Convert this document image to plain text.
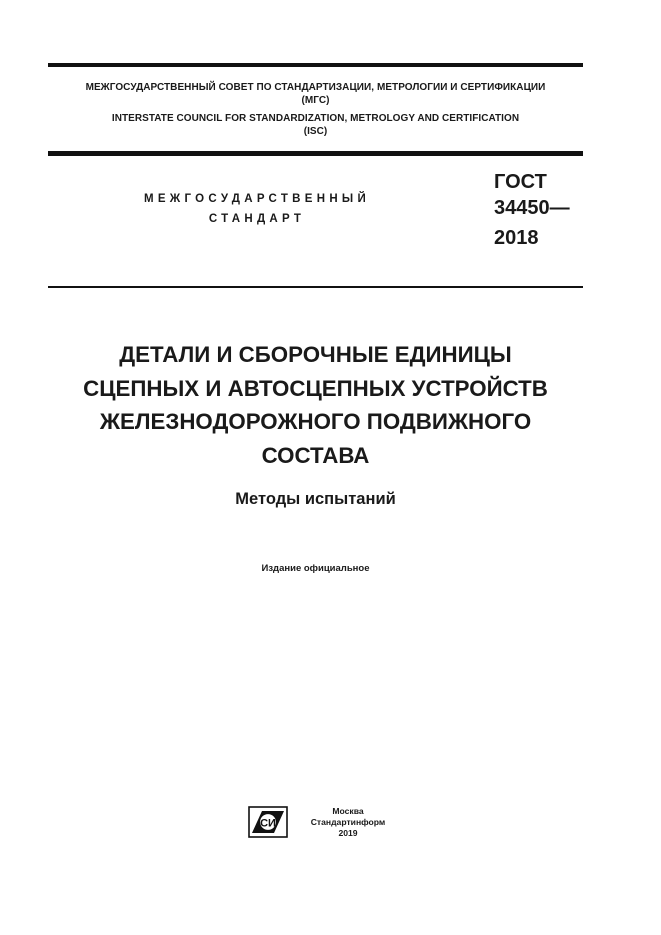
МЕЖГОСУДАРСТВЕННЫЙ СОВЕТ ПО СТАНДАРТИЗАЦИИ, МЕТРОЛОГИИ И СЕРТИФИКАЦИИ
(МГС)
INTERSTATE COUNCIL FOR STANDARDIZATION, METROLOGY AND CERTIFICATION
(ISC)
МЕЖГОСУДАРСТВЕННЫЙ
СТАНДАРТ
ГОСТ
34450—
2018
ДЕТАЛИ И СБОРОЧНЫЕ ЕДИНИЦЫ
СЦЕПНЫХ И АВТОСЦЕПНЫХ УСТРОЙСТВ
ЖЕЛЕЗНОДОРОЖНОГО ПОДВИЖНОГО
СОСТАВА
Методы испытаний
Издание официальное
СИ
Москва
Стандартинформ
2019
